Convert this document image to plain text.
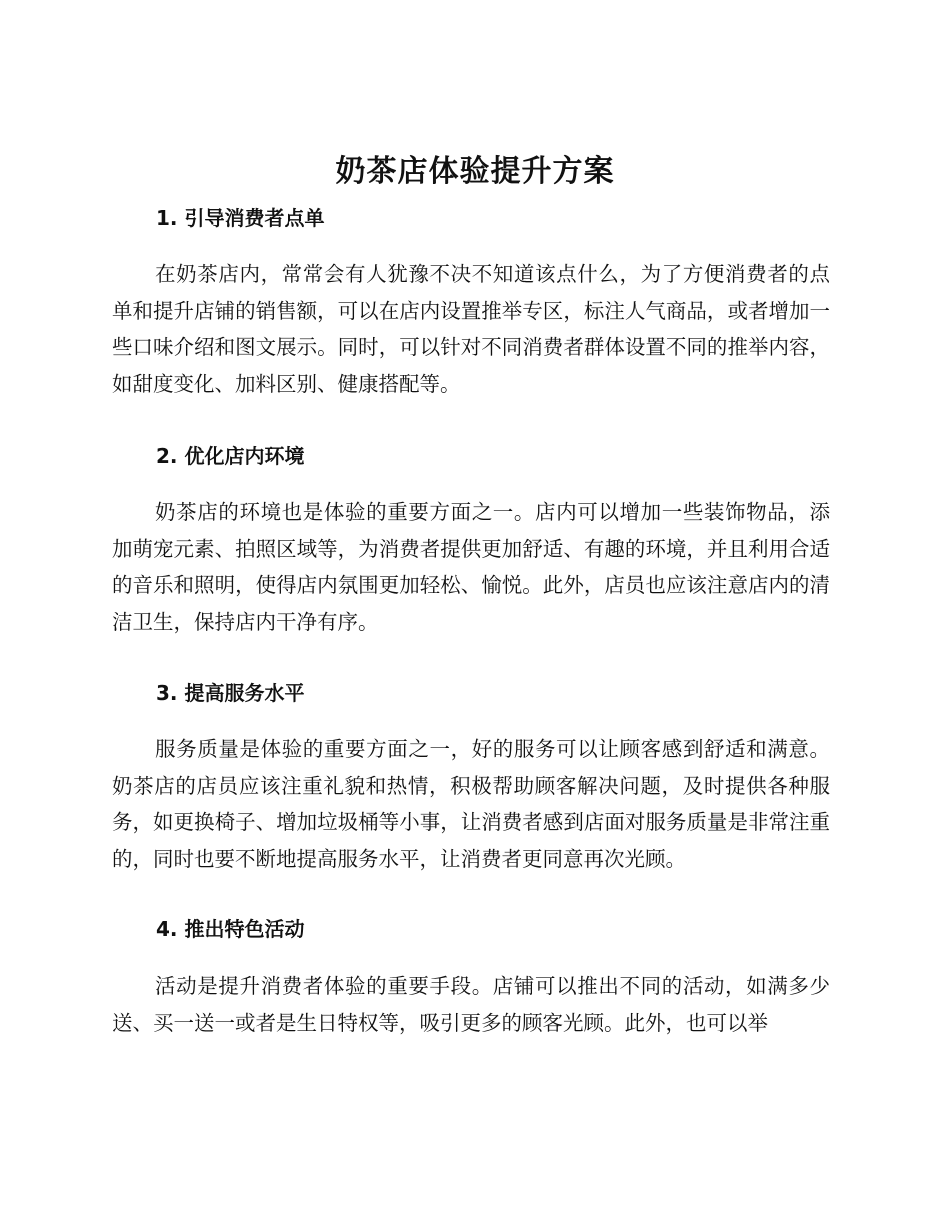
奶茶店体验提升方案
1. 引导消费者点单

在奶茶店内，常常会有人犹豫不决不知道该点什么，为了方便消费者的点单和提升店铺的销售额，可以在店内设置推举专区，标注人气商品，或者增加一些口味介绍和图文展示。同时，可以针对不同消费者群体设置不同的推举内容，如甜度变化、加料区别、健康搭配等。

2. 优化店内环境

奶茶店的环境也是体验的重要方面之一。店内可以增加一些装饰物品，添加萌宠元素、拍照区域等，为消费者提供更加舒适、有趣的环境，并且利用合适的音乐和照明，使得店内氛围更加轻松、愉悦。此外，店员也应该注意店内的清洁卫生，保持店内干净有序。

3. 提高服务水平

服务质量是体验的重要方面之一，好的服务可以让顾客感到舒适和满意。奶茶店的店员应该注重礼貌和热情，积极帮助顾客解决问题，及时提供各种服务，如更换椅子、增加垃圾桶等小事，让消费者感到店面对服务质量是非常注重的，同时也要不断地提高服务水平，让消费者更同意再次光顾。

4. 推出特色活动

活动是提升消费者体验的重要手段。店铺可以推出不同的活动，如满多少送、买一送一或者是生日特权等，吸引更多的顾客光顾。此外，也可以举
